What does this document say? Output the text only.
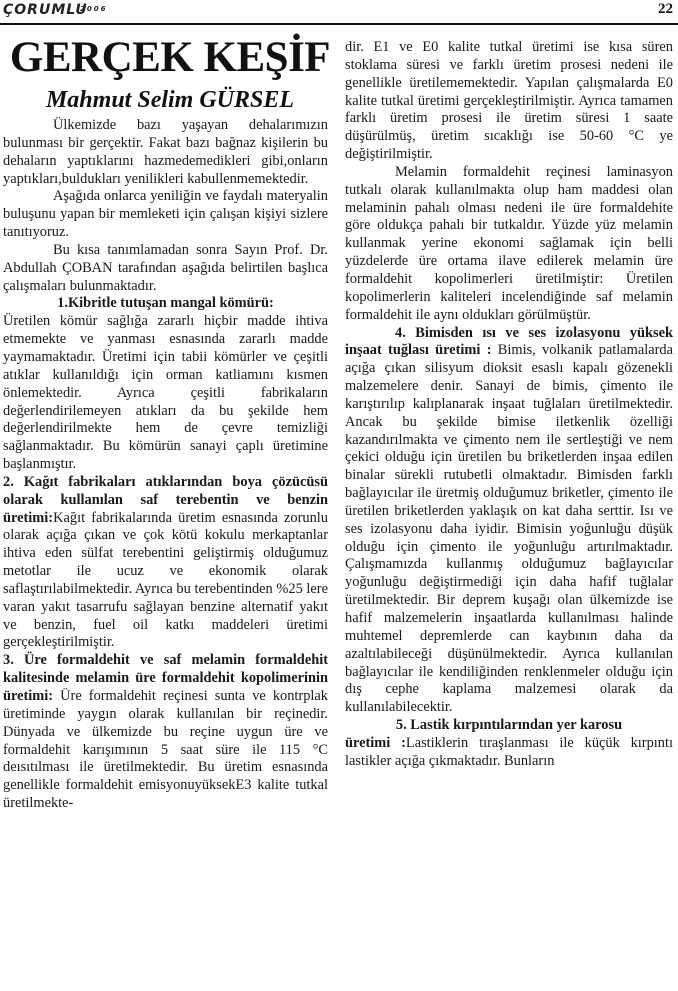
ÇORUMLU
2006	22
GERÇEK KEŞİF
Mahmut Selim GÜRSEL

Ülkemizde bazı yaşayan dehalarımızın bulunması bir gerçektir. Fakat bazı bağnaz kişilerin bu dehaların yaptıklarını hazmedemedikleri gibi,onların yaptıkları,buldukları yenilikleri kabullenmemektedir.

Aşağıda onlarca yeniliğin ve faydalı materyalin buluşunu yapan bir memleketi için çalışan kişiyi sizlere tanıtıyoruz.

Bu kısa tanımlamadan sonra Sayın Prof. Dr. Abdullah ÇOBAN tarafından aşağıda belirtilen başlıca çalışmaları bulunmaktadır.

1.Kibritle tutuşan mangal kömürü:

Üretilen kömür sağlığa zararlı hiçbir madde ihtiva etmemekte ve yanması esnasında zararlı madde yaymamaktadır. Üretimi için tabii kömürler ve çeşitli atıklar kullanıldığı için orman katliamını kısmen önlemektedir. Ayrıca çeşitli fabrikaların değerlendirilemeyen atıkları da bu şekilde hem değerlendirilmekte hem de çevre temizliği sağlanmaktadır. Bu kömürün sanayi çaplı üretimine başlanmıştır.

2. Kağıt fabrikaları atıklarından boya çözücüsü olarak kullanılan saf terebentin ve benzin üretimi:Kağıt fabrikalarında üretim esnasında zorunlu olarak açığa çıkan ve çok kötü kokulu merkaptanlar ihtiva eden sülfat terebentini geliştirmiş olduğumuz metotlar ile ucuz ve ekonomik olarak saflaştırılabilmektedir. Ayrıca bu terebentinden %25 lere varan yakıt tasarrufu sağlayan benzine alternatif yakıt ve benzin, fuel oil katkı maddeleri üretimi gerçekleştirilmiştir.

3. Üre formaldehit ve saf melamin formaldehit kalitesinde melamin üre formaldehit kopolimerinin üretimi: Üre formaldehit reçinesi sunta ve kontrplak üretiminde yaygın olarak kullanılan bir reçinedir. Dünyada ve ülkemizde bu reçine uygun üre ve formaldehit karışımının 5 saat süre ile 115 °C deısıtılması ile üretilmektedir. Bu üretim esnasında genellikle formaldehit emisyonuyüksekE3 kalite tutkal üretilmekte-

dir. E1 ve E0 kalite tutkal üretimi ise kısa süren stoklama süresi ve farklı üretim prosesi nedeni ile genellikle üretilememektedir. Yapılan çalışmalarda E0 kalite tutkal üretimi gerçekleştirilmiştir. Ayrıca tamamen farklı üretim prosesi ile üretim süresi 1 saate düşürülmüş, üretim sıcaklığı ise 50-60 °C ye değiştirilmiştir.

Melamin formaldehit reçinesi laminasyon tutkalı olarak kullanılmakta olup ham maddesi olan melaminin pahalı olması nedeni ile üre formaldehite göre oldukça pahalı bir tutkaldır. Yüzde yüz melamin kullanmak yerine ekonomi sağlamak için belli yüzdelerde üre ortama ilave edilerek melamin üre formaldehit kopolimerleri üretilmiştir: Üretilen kopolimerlerin kaliteleri incelendiğinde saf melamin formaldehit ile aynı oldukları görülmüştür.

4. Bimisden ısı ve ses izolasyonu yüksek inşaat tuğlası üretimi : Bimis, volkanik patlamalarda açığa çıkan silisyum dioksit esaslı kapalı gözenekli malzemelere denir. Sanayi de bimis, çimento ile karıştırılıp kalıplanarak inşaat tuğlaları üretilmektedir. Ancak bu şekilde bimise iletkenlik özelliği kazandırılmakta ve çimento nem ile sertleştiği ve nem çekici olduğu için üretilen bu briketlerden inşaa edilen binalar sürekli rutubetli olmaktadır. Bimisden farklı bağlayıcılar ile üretmiş olduğumuz briketler, çimento ile üretilen briketlerden yaklaşık on kat daha serttir. Isı ve ses izolasyonu daha iyidir. Bimisin yoğunluğu düşük olduğu için çimento ile yoğunluğu artırılmaktadır. Çalışmamızda kullanmış olduğumuz bağlayıcılar yoğunluğu değiştirmediği için daha hafif tuğlalar üretilmektedir. Bir deprem kuşağı olan ülkemizde ise hafif malzemelerin inşaatlarda kullanılması halinde muhtemel depremlerde can kaybının daha da azaltılabileceği düşünülmektedir. Ayrıca kullanılan bağlayıcılar ile kendiliğinden renklenmeler olduğu için dış cephe kaplama malzemesi olarak da kullanılabilecektir.

5. Lastik kırpıntılarından yer karosu

üretimi :Lastiklerin tıraşlanması ile küçük kırpıntı lastikler açığa çıkmaktadır. Bunların
